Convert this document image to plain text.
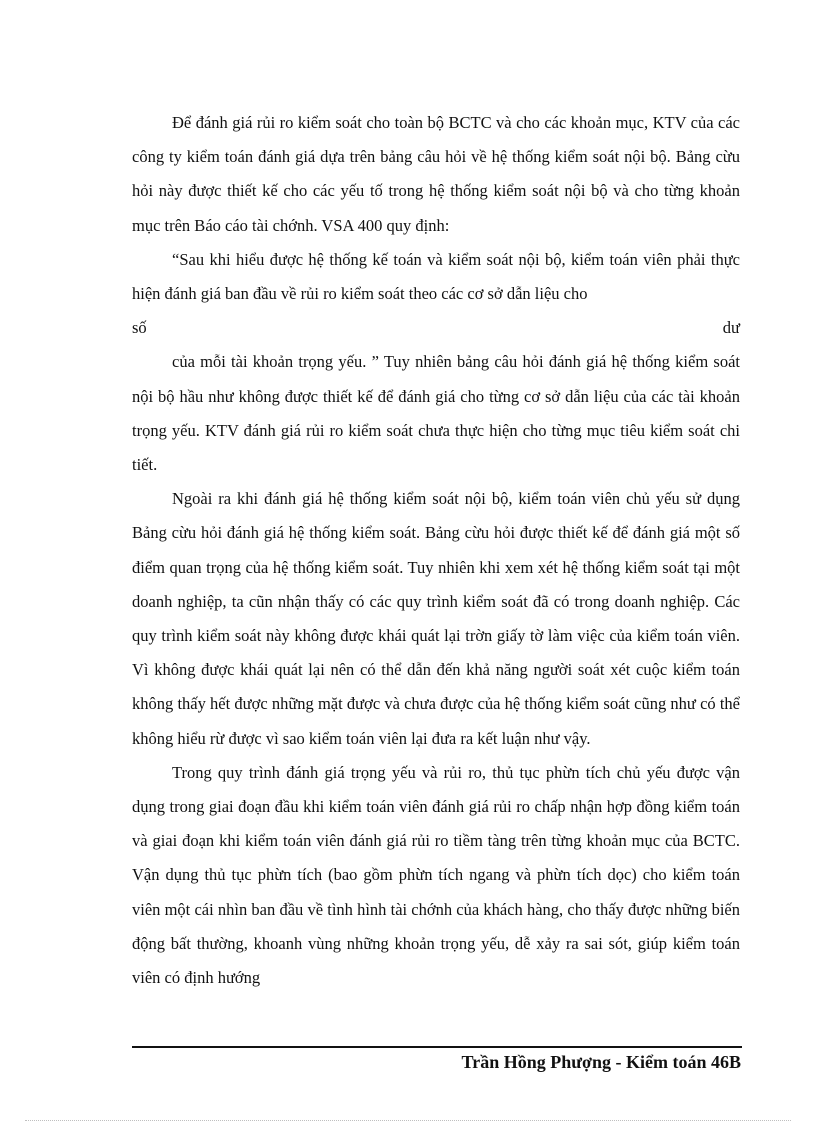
Để đánh giá rủi ro kiểm soát cho toàn bộ BCTC và cho các khoản mục, KTV của các công ty kiểm toán đánh giá dựa trên bảng câu hỏi về hệ thống kiểm soát nội bộ. Bảng cừu hỏi này được thiết kế cho các yếu tố trong hệ thống kiểm soát nội bộ và cho từng khoản mục trên Báo cáo tài chớnh. VSA 400 quy định:

“Sau khi hiểu được hệ thống kế toán và kiểm soát nội bộ, kiểm toán viên phải thực hiện đánh giá ban đầu về rủi ro kiểm soát theo các cơ sở dẫn liệu cho

số	dư

của mỗi tài khoản trọng yếu. ” Tuy nhiên bảng câu hỏi đánh giá hệ thống kiểm soát nội bộ hầu như không được thiết kế để đánh giá cho từng cơ sở dẫn liệu của các tài khoản trọng yếu. KTV đánh giá rủi ro kiểm soát chưa thực hiện cho từng mục tiêu kiểm soát chi tiết.

Ngoài ra khi đánh giá hệ thống kiểm soát nội bộ, kiểm toán viên chủ yếu sử dụng Bảng cừu hỏi đánh giá hệ thống kiểm soát. Bảng cừu hỏi được thiết kế để đánh giá một số điểm quan trọng của hệ thống kiểm soát. Tuy nhiên khi xem xét hệ thống kiểm soát tại một doanh nghiệp, ta cũn nhận thấy có các quy trình kiểm soát đã có trong doanh nghiệp. Các quy trình kiểm soát này không được khái quát lại trờn giấy tờ làm việc của kiểm toán viên. Vì không được khái quát lại nên có thể dẫn đến khả năng người soát xét cuộc kiểm toán không thấy hết được những mặt được và chưa được của hệ thống kiểm soát cũng như có thể không hiểu rừ được vì sao kiểm toán viên lại đưa ra kết luận như vậy.

Trong quy trình đánh giá trọng yếu và rủi ro, thủ tục phừn tích chủ yếu được vận dụng trong giai đoạn đầu khi kiểm toán viên đánh giá rủi ro chấp nhận hợp đồng kiểm toán và giai đoạn khi kiểm toán viên đánh giá rủi ro tiềm tàng trên từng khoản mục của BCTC. Vận dụng thủ tục phừn tích (bao gồm phừn tích ngang và phừn tích dọc) cho kiểm toán viên một cái nhìn ban đầu về tình hình tài chớnh của khách hàng, cho thấy được những biến động bất thường, khoanh vùng những khoản trọng yếu, dễ xảy ra sai sót, giúp kiểm toán viên có định hướng

Trần Hồng Phượng - Kiểm toán 46B
